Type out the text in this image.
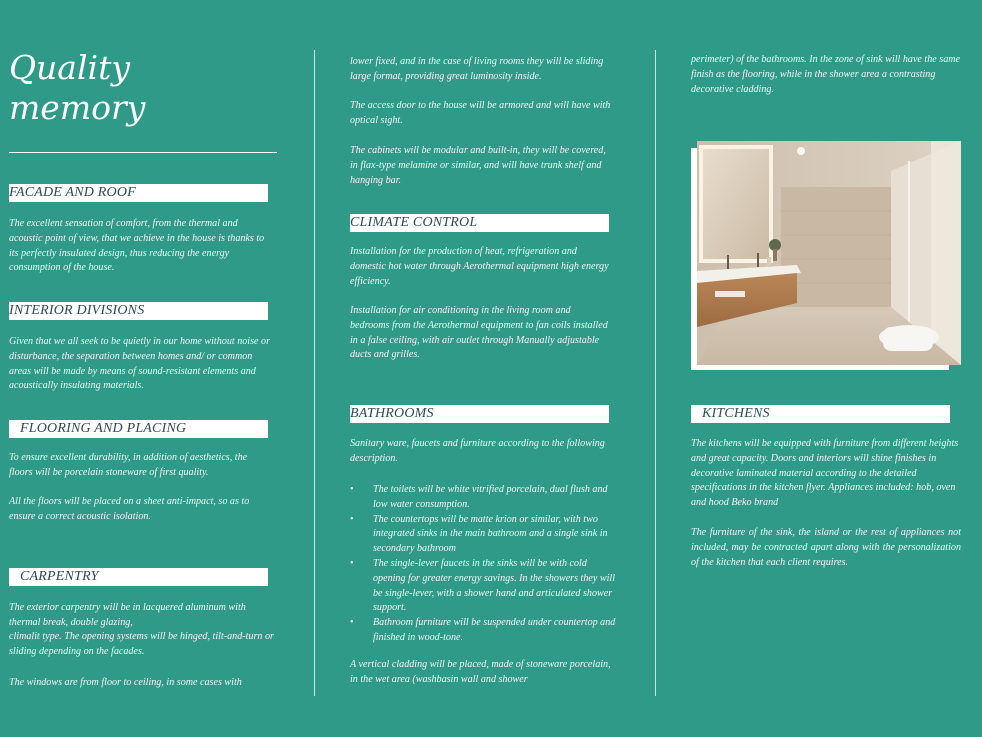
Quality
memory
FACADE AND ROOF

The excellent sensation of comfort, from the thermal and acoustic point of view, that we achieve in the house is thanks to its perfectly insulated design, thus reducing the energy consumption of the house.

INTERIOR DIVISIONS

Given that we all seek to be quietly in our home without noise or disturbance, the separation between homes and/ or common areas will be made by means of sound-resistant elements and acoustically insulating materials.

FLOORING AND PLACING

To ensure excellent durability, in addition of aesthetics, the floors will be porcelain stoneware of first quality.

All the floors will be placed on a sheet anti-impact, so as to ensure a correct acoustic isolation.

CARPENTRY

The exterior carpentry will be in lacquered aluminum with thermal break, double glazing,

climalit type. The opening systems will be hinged, tilt-and-turn or sliding depending on the facades.

The windows are from floor to ceiling, in some cases with

lower fixed, and in the case of living rooms they will be sliding large format, providing great luminosity inside.

The access door to the house will be armored and will have with optical sight.

The cabinets will be modular and built-in, they will be covered, in flax-type melamine or similar, and will have trunk shelf and hanging bar.

CLIMATE CONTROL

Installation for the production of heat, refrigeration and domestic hot water through Aerothermal equipment high energy efficiency.

Installation for air conditioning in the living room and bedrooms from the Aerothermal equipment to fan coils installed in a false ceiling, with air outlet through Manually adjustable ducts and grilles.

BATHROOMS

Sanitary ware, faucets and furniture according to the following description.

• The toilets will be white vitrified porcelain, dual flush and low water consumption.
• The countertops will be matte krion or similar, with two integrated sinks in the main bathroom and a single sink in secondary bathroom
• The single-lever faucets in the sinks will be with cold opening for greater energy savings. In the showers they will be single-lever, with a shower hand and articulated shower support.
• Bathroom furniture will be suspended under countertop and finished in wood-tone.

A vertical cladding will be placed, made of stoneware porcelain, in the wet area (washbasin wall and shower

perimeter) of the bathrooms. In the zone of sink will have the same finish as the flooring, while in the shower area a contrasting decorative cladding.

KITCHENS

The kitchens will be equipped with furniture from different heights and great capacity. Doors and interiors will shine finishes in decorative laminated material according to the detailed specifications in the kitchen flyer. Appliances included: hob, oven and hood Beko brand

The furniture of the sink, the island or the rest of appliances not included, may be contracted apart along with the personalization of the kitchen that each client requires.
